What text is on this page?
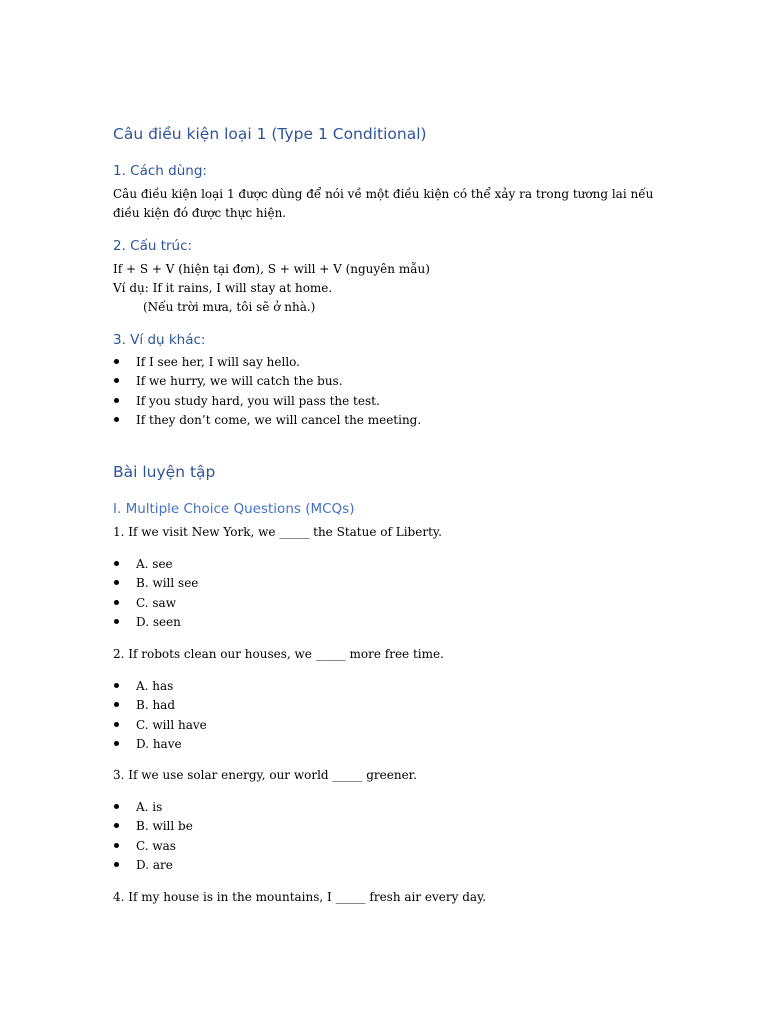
Câu điều kiện loại 1 (Type 1 Conditional)
1. Cách dùng:

Câu điều kiện loại 1 được dùng để nói về một điều kiện có thể xảy ra trong tương lai nếu

điều kiện đó được thực hiện.

2. Cấu trúc:

If + S + V (hiện tại đơn), S + will + V (nguyên mẫu)

Ví dụ: If it rains, I will stay at home.

(Nếu trời mưa, tôi sẽ ở nhà.)

3. Ví dụ khác:
If I see her, I will say hello.
If we hurry, we will catch the bus.
If you study hard, you will pass the test.
If they don’t come, we will cancel the meeting.
Bài luyện tập
I. Multiple Choice Questions (MCQs)

1. If we visit New York, we _____ the Statue of Liberty.

A. see
B. will see
C. saw
D. seen

2. If robots clean our houses, we _____ more free time.

A. has
B. had
C. will have
D. have

3. If we use solar energy, our world _____ greener.

A. is
B. will be
C. was
D. are

4. If my house is in the mountains, I _____ fresh air every day.
